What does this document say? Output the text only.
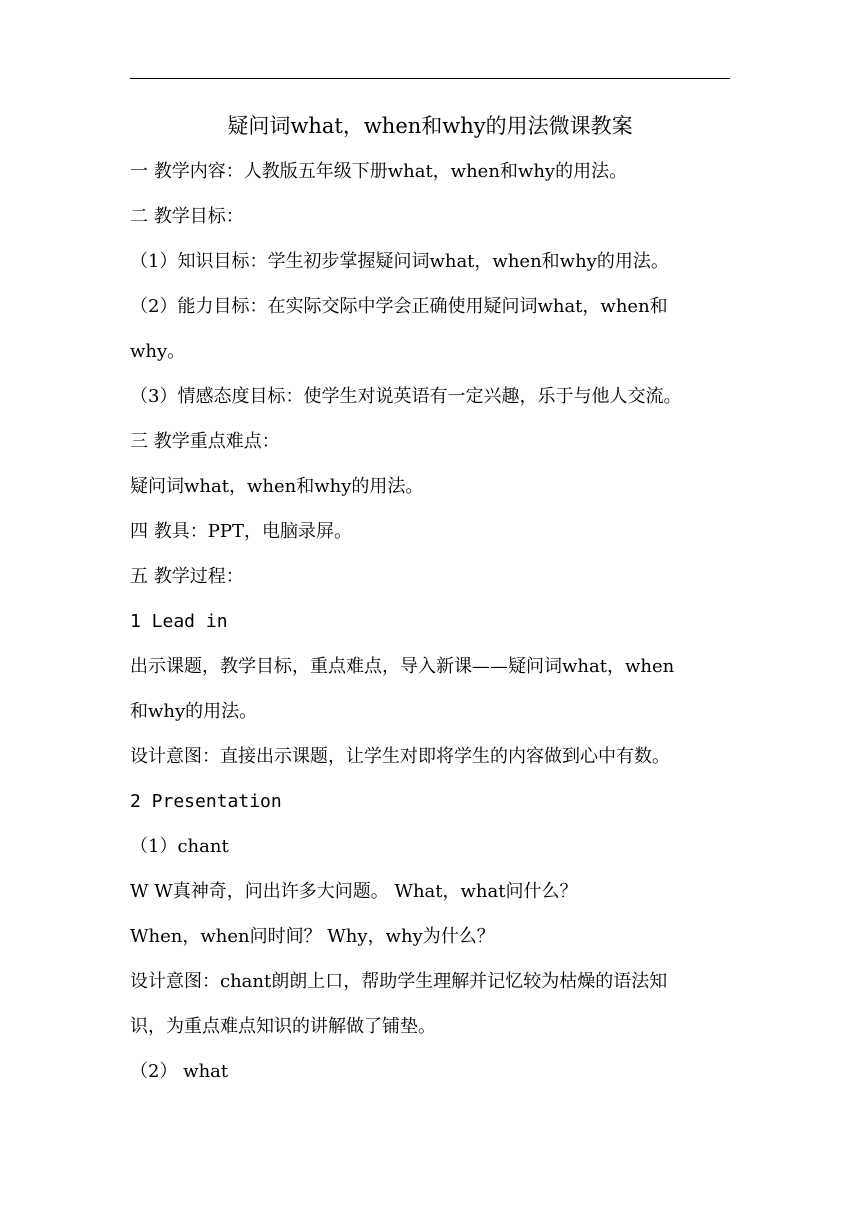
疑问词what，when和why的用法微课教案
一 教学内容：人教版五年级下册what，when和why的用法。
二 教学目标：
（1）知识目标：学生初步掌握疑问词what，when和why的用法。
（2）能力目标：在实际交际中学会正确使用疑问词what，when和
why。
（3）情感态度目标：使学生对说英语有一定兴趣，乐于与他人交流。
三 教学重点难点：
疑问词what，when和why的用法。
四 教具：PPT，电脑录屏。
五 教学过程：
1 Lead in
出示课题，教学目标，重点难点，导入新课——疑问词what，when
和why的用法。
设计意图：直接出示课题，让学生对即将学生的内容做到心中有数。
2 Presentation
（1）chant
W W真神奇，问出许多大问题。 What，what问什么？
When，when问时间？ Why，why为什么？
设计意图：chant朗朗上口，帮助学生理解并记忆较为枯燥的语法知
识，为重点难点知识的讲解做了铺垫。
（2） what
